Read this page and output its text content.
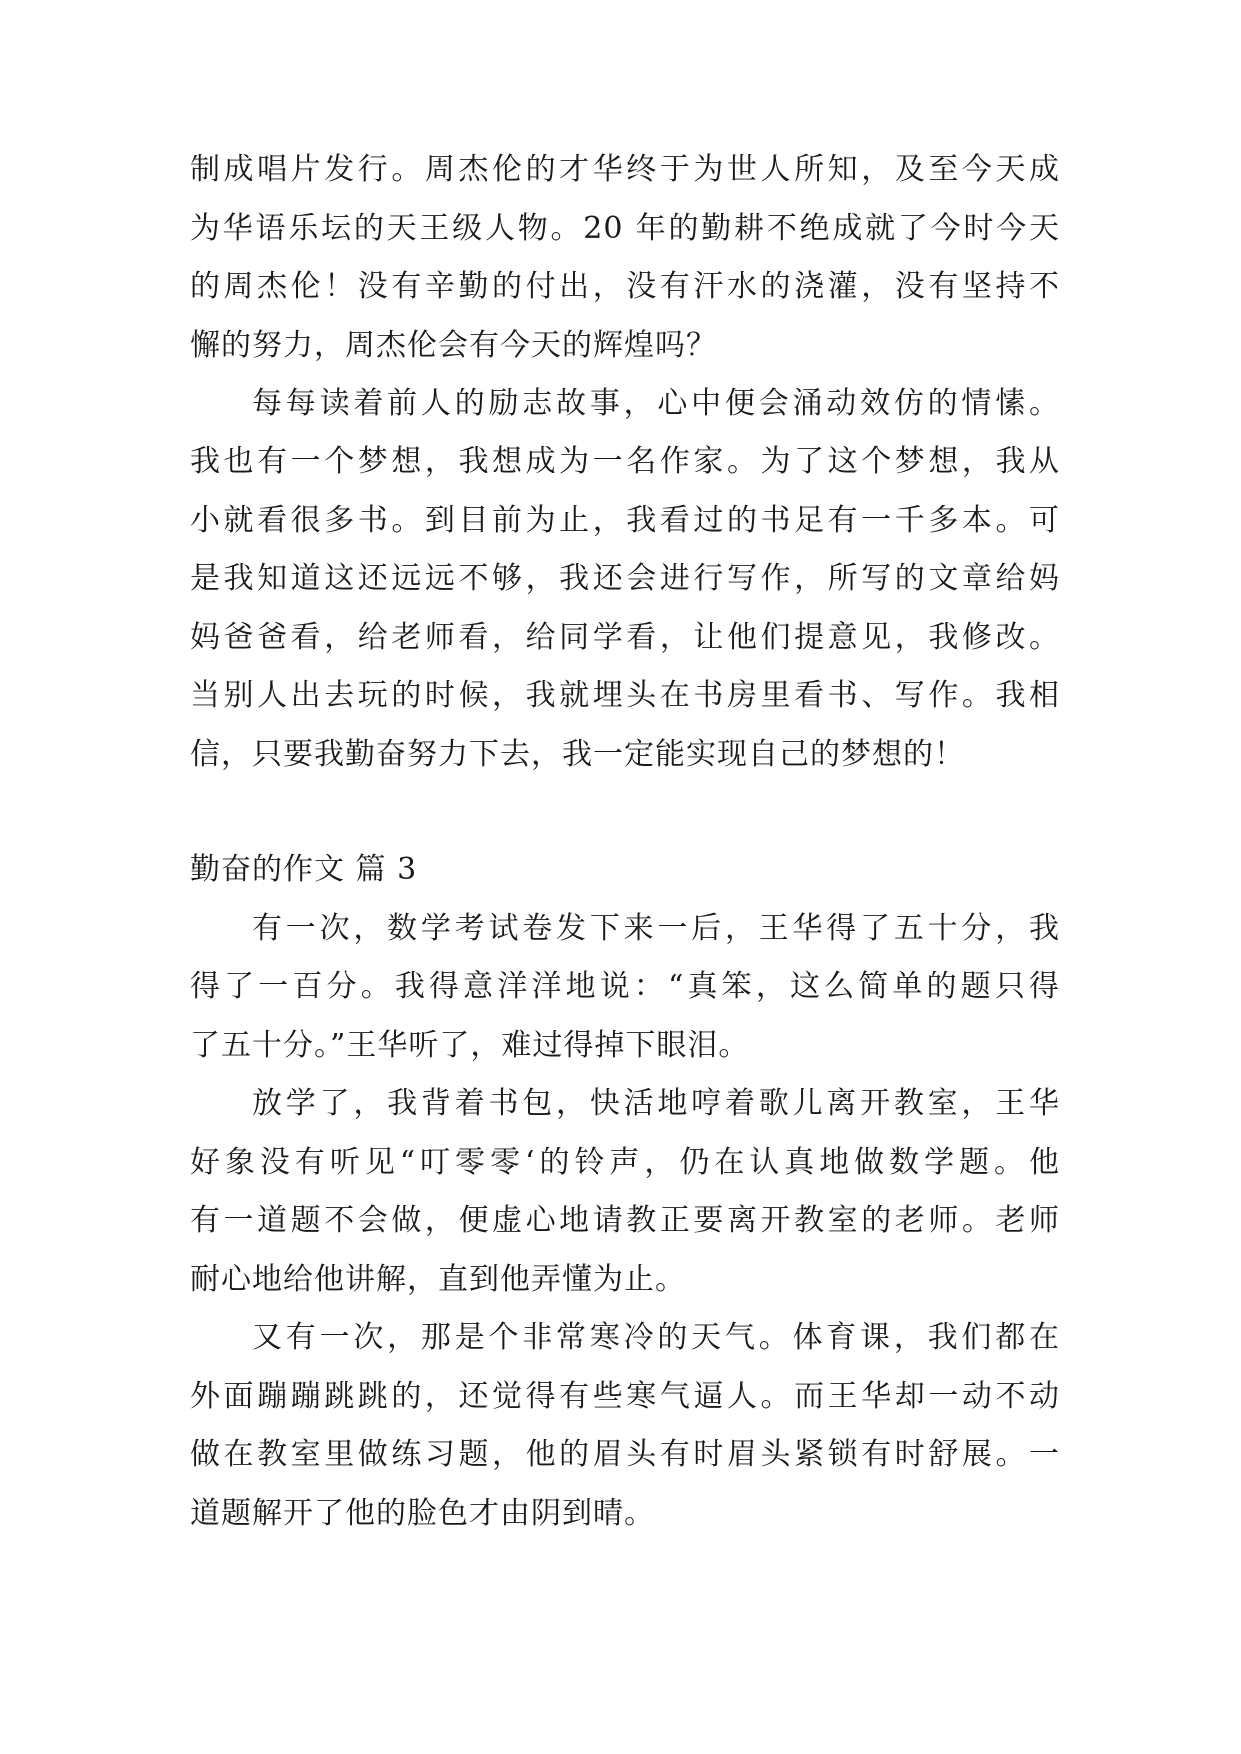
制成唱片发行。周杰伦的才华终于为世人所知，及至今天成
为华语乐坛的天王级人物。20 年的勤耕不绝成就了今时今天
的周杰伦！没有辛勤的付出，没有汗水的浇灌，没有坚持不
懈的努力，周杰伦会有今天的辉煌吗？
每每读着前人的励志故事，心中便会涌动效仿的情愫。
我也有一个梦想，我想成为一名作家。为了这个梦想，我从
小就看很多书。到目前为止，我看过的书足有一千多本。可
是我知道这还远远不够，我还会进行写作，所写的文章给妈
妈爸爸看，给老师看，给同学看，让他们提意见，我修改。
当别人出去玩的时候，我就埋头在书房里看书、写作。我相
信，只要我勤奋努力下去，我一定能实现自己的梦想的！
勤奋的作文 篇 3
有一次，数学考试卷发下来一后，王华得了五十分，我
得了一百分。我得意洋洋地说：“真笨，这么简单的题只得
了五十分。”王华听了，难过得掉下眼泪。
放学了，我背着书包，快活地哼着歌儿离开教室，王华
好象没有听见“叮零零‘的铃声，仍在认真地做数学题。他
有一道题不会做，便虚心地请教正要离开教室的老师。老师
耐心地给他讲解，直到他弄懂为止。
又有一次，那是个非常寒冷的天气。体育课，我们都在
外面蹦蹦跳跳的，还觉得有些寒气逼人。而王华却一动不动
做在教室里做练习题，他的眉头有时眉头紧锁有时舒展。一
道题解开了他的脸色才由阴到晴。
